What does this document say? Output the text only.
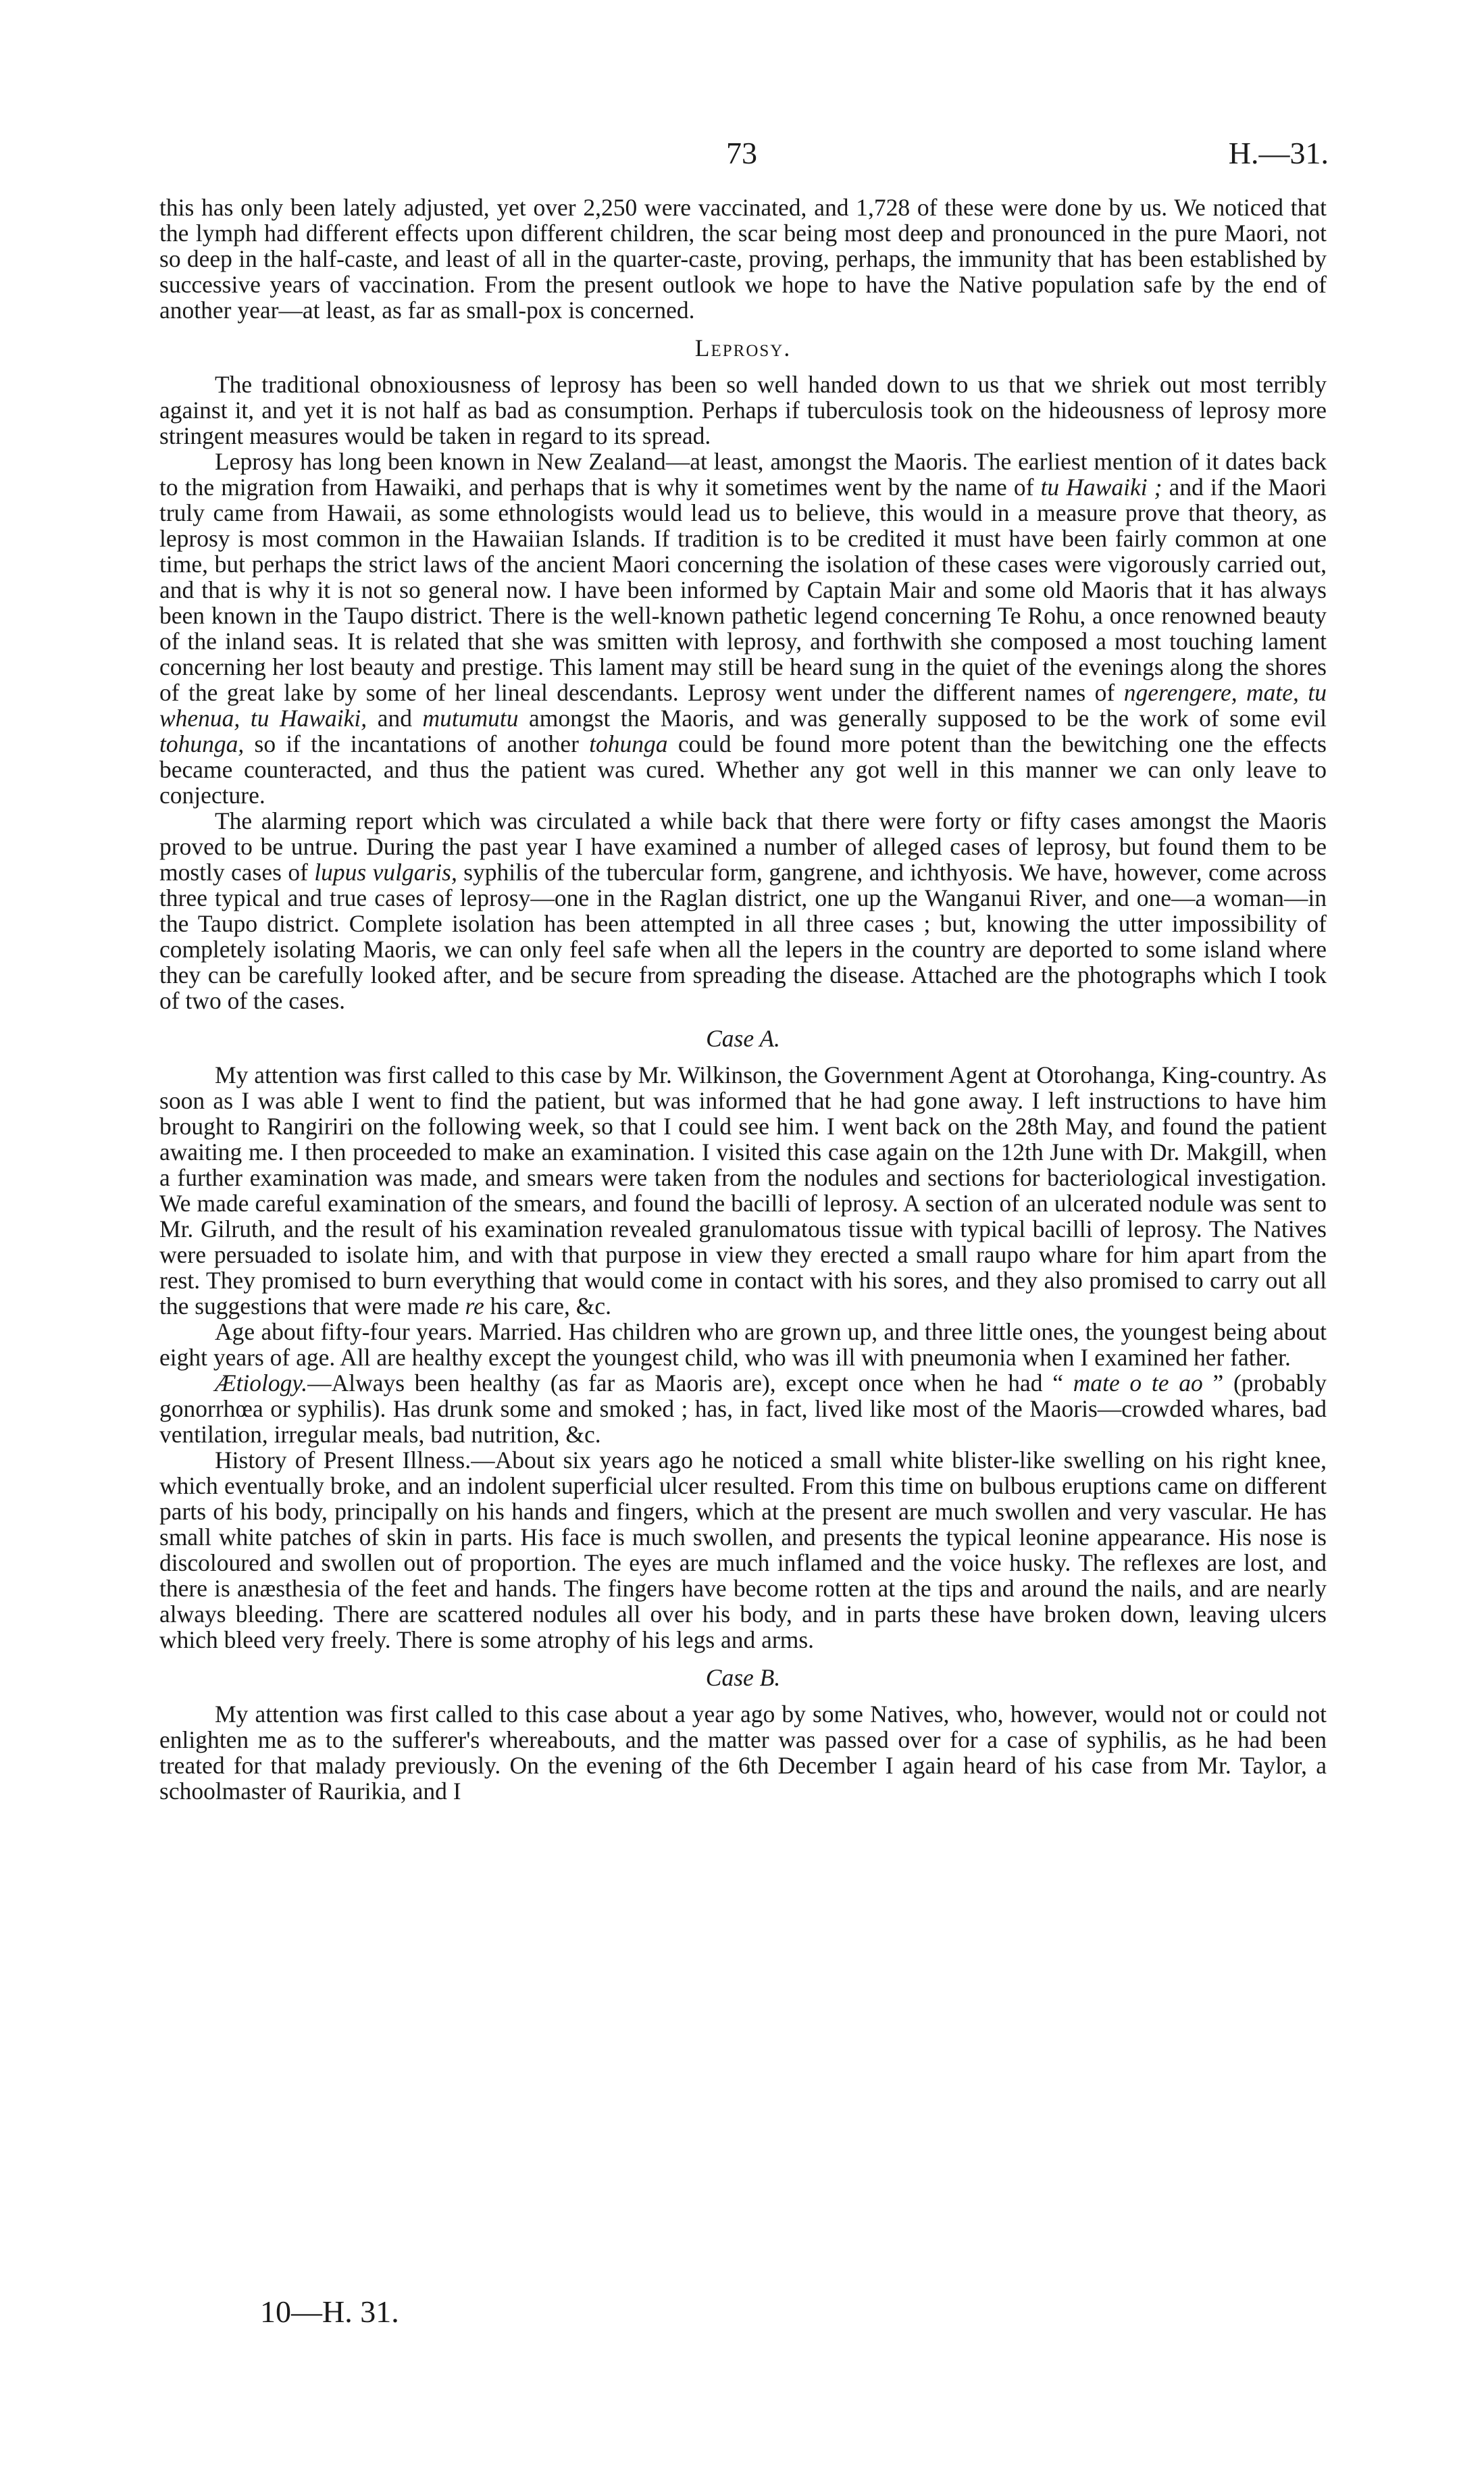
73	H.—31.

this has only been lately adjusted, yet over 2,250 were vaccinated, and 1,728 of these were done by us. We noticed that the lymph had different effects upon different children, the scar being most deep and pronounced in the pure Maori, not so deep in the half-caste, and least of all in the quarter-caste, proving, perhaps, the immunity that has been established by successive years of vaccination. From the present outlook we hope to have the Native population safe by the end of another year—at least, as far as small-pox is concerned.

Leprosy.

The traditional obnoxiousness of leprosy has been so well handed down to us that we shriek out most terribly against it, and yet it is not half as bad as consumption. Perhaps if tuberculosis took on the hideousness of leprosy more stringent measures would be taken in regard to its spread.

Leprosy has long been known in New Zealand—at least, amongst the Maoris. The earliest mention of it dates back to the migration from Hawaiki, and perhaps that is why it sometimes went by the name of tu Hawaiki ; and if the Maori truly came from Hawaii, as some ethnologists would lead us to believe, this would in a measure prove that theory, as leprosy is most common in the Hawaiian Islands. If tradition is to be credited it must have been fairly common at one time, but perhaps the strict laws of the ancient Maori concerning the isolation of these cases were vigorously carried out, and that is why it is not so general now. I have been informed by Captain Mair and some old Maoris that it has always been known in the Taupo district. There is the well-known pathetic legend concerning Te Rohu, a once renowned beauty of the inland seas. It is related that she was smitten with leprosy, and forthwith she composed a most touching lament concerning her lost beauty and prestige. This lament may still be heard sung in the quiet of the evenings along the shores of the great lake by some of her lineal descendants. Leprosy went under the different names of ngerengere, mate, tu whenua, tu Hawaiki, and mutumutu amongst the Maoris, and was generally supposed to be the work of some evil tohunga, so if the incantations of another tohunga could be found more potent than the bewitching one the effects became counteracted, and thus the patient was cured. Whether any got well in this manner we can only leave to conjecture.

The alarming report which was circulated a while back that there were forty or fifty cases amongst the Maoris proved to be untrue. During the past year I have examined a number of alleged cases of leprosy, but found them to be mostly cases of lupus vulgaris, syphilis of the tubercular form, gangrene, and ichthyosis. We have, however, come across three typical and true cases of leprosy—one in the Raglan district, one up the Wanganui River, and one—a woman—in the Taupo district. Complete isolation has been attempted in all three cases ; but, knowing the utter impossibility of completely isolating Maoris, we can only feel safe when all the lepers in the country are deported to some island where they can be carefully looked after, and be secure from spreading the disease. Attached are the photographs which I took of two of the cases.

Case A.

My attention was first called to this case by Mr. Wilkinson, the Government Agent at Otorohanga, King-country. As soon as I was able I went to find the patient, but was informed that he had gone away. I left instructions to have him brought to Rangiriri on the following week, so that I could see him. I went back on the 28th May, and found the patient awaiting me. I then proceeded to make an examination. I visited this case again on the 12th June with Dr. Makgill, when a further examination was made, and smears were taken from the nodules and sections for bacteriological investigation. We made careful examination of the smears, and found the bacilli of leprosy. A section of an ulcerated nodule was sent to Mr. Gilruth, and the result of his examination revealed granulomatous tissue with typical bacilli of leprosy. The Natives were persuaded to isolate him, and with that purpose in view they erected a small raupo whare for him apart from the rest. They promised to burn everything that would come in contact with his sores, and they also promised to carry out all the suggestions that were made re his care, &c.

Age about fifty-four years. Married. Has children who are grown up, and three little ones, the youngest being about eight years of age. All are healthy except the youngest child, who was ill with pneumonia when I examined her father.

Ætiology.—Always been healthy (as far as Maoris are), except once when he had “ mate o te ao ” (probably gonorrhœa or syphilis). Has drunk some and smoked ; has, in fact, lived like most of the Maoris—crowded whares, bad ventilation, irregular meals, bad nutrition, &c.

History of Present Illness.—About six years ago he noticed a small white blister-like swelling on his right knee, which eventually broke, and an indolent superficial ulcer resulted. From this time on bulbous eruptions came on different parts of his body, principally on his hands and fingers, which at the present are much swollen and very vascular. He has small white patches of skin in parts. His face is much swollen, and presents the typical leonine appearance. His nose is discoloured and swollen out of proportion. The eyes are much inflamed and the voice husky. The reflexes are lost, and there is anæsthesia of the feet and hands. The fingers have become rotten at the tips and around the nails, and are nearly always bleeding. There are scattered nodules all over his body, and in parts these have broken down, leaving ulcers which bleed very freely. There is some atrophy of his legs and arms.

Case B.

My attention was first called to this case about a year ago by some Natives, who, however, would not or could not enlighten me as to the sufferer's whereabouts, and the matter was passed over for a case of syphilis, as he had been treated for that malady previously. On the evening of the 6th December I again heard of his case from Mr. Taylor, a schoolmaster of Raurikia, and I

10—H. 31.
